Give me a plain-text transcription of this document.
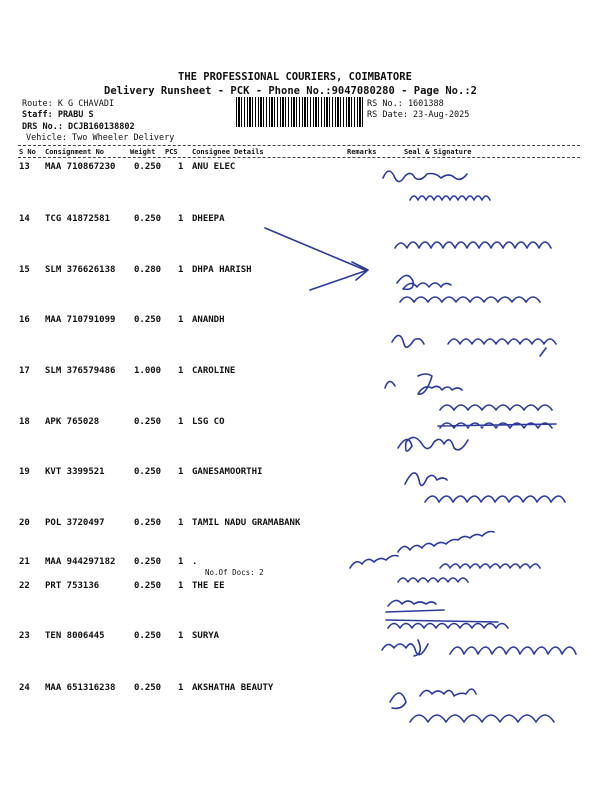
THE PROFESSIONAL COURIERS, COIMBATORE
Delivery Runsheet - PCK - Phone No.:9047080280 - Page No.:2
Route: K G CHAVADI
Staff: PRABU S
DRS No.: DCJB160138802
Vehicle: Two Wheeler Delivery
RS No.: 1601388
RS Date: 23-Aug-2025
S No Consignment No	Weight PCS Consignee Details	Remarks	Seal & Signature
13 MAA 710867230 0.250 1 ANU ELEC
14 TCG 41872581	0.250 1 DHEEPA
15 SLM 376626138 0.280 1 DHPA HARISH
16 MAA 710791099 0.250 1 ANANDH
17 SLM 376579486 1.000 1 CAROLINE
18 APK 765028	0.250 1 LSG CO
19 KVT 3399521	0.250 1 GANESAMOORTHI
20 POL 3720497	0.250 1 TAMIL NADU GRAMABANK
21 MAA 944297182 0.250 1 .
No.Of Docs: 2
22 PRT 753136	0.250 1 THE EE
23 TEN 8006445	0.250 1 SURYA
24 MAA 651316238 0.250 1 AKSHATHA BEAUTY
